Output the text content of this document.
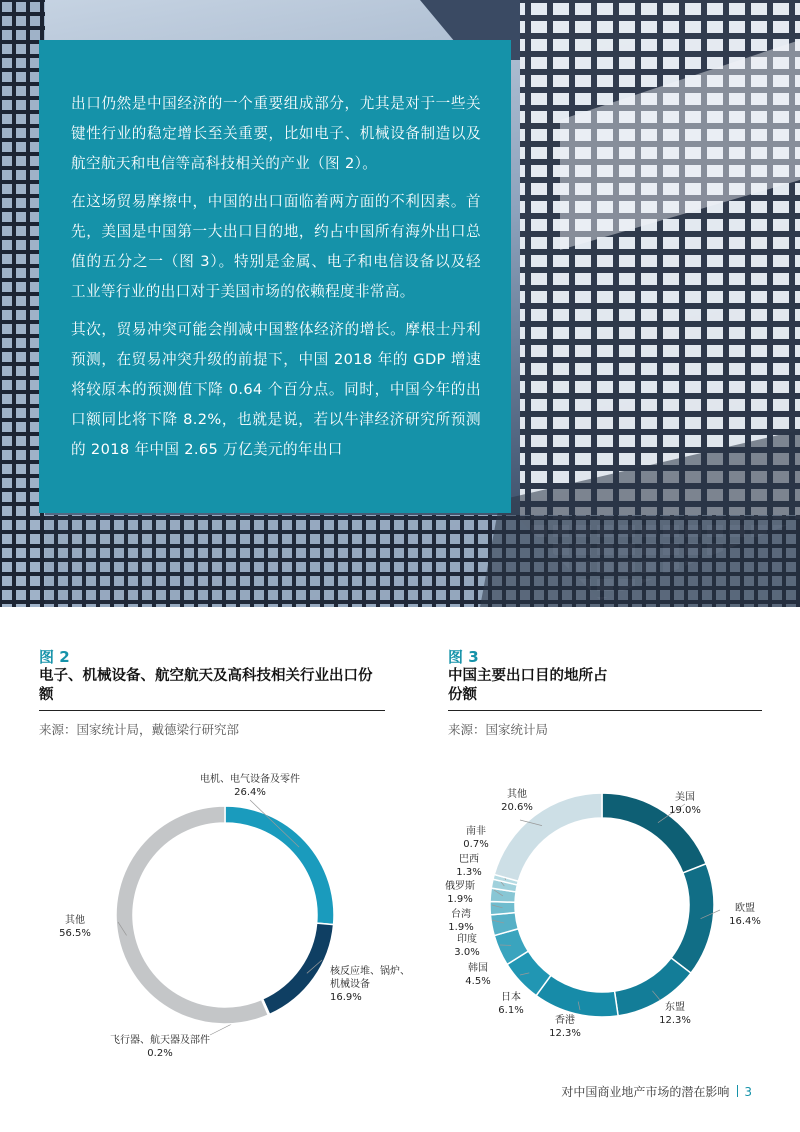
出口仍然是中国经济的一个重要组成部分，尤其是对于一些关键性行业的稳定增长至关重要，比如电子、机械设备制造以及航空航天和电信等高科技相关的产业（图 2）。

在这场贸易摩擦中，中国的出口面临着两方面的不利因素。首先，美国是中国第一大出口目的地，约占中国所有海外出口总值的五分之一（图 3）。特别是金属、电子和电信设备以及轻工业等行业的出口对于美国市场的依赖程度非常高。

其次，贸易冲突可能会削减中国整体经济的增长。摩根士丹利预测，在贸易冲突升级的前提下，中国 2018 年的 GDP 增速将较原本的预测值下降 0.64 个百分点。同时，中国今年的出口额同比将下降 8.2%，也就是说，若以牛津经济研究所预测的 2018 年中国 2.65 万亿美元的年出口

图 2
电子、机械设备、航空航天及高科技相关行业出口份额
来源：国家统计局，戴德梁行研究部
图 3
中国主要出口目的地所占份额
来源：国家统计局
电机、电气设备及零件
26.4%
核反应堆、锅炉、
机械设备
16.9%
飞行器、航天器及部件
0.2%
其他
56.5%
美国
19.0%
欧盟
16.4%
东盟
12.3%
香港
12.3%
日本
6.1%
韩国
4.5%
印度
3.0%
台湾
1.9%
俄罗斯
1.9%
巴西
1.3%
南非
0.7%
其他
20.6%
对中国商业地产市场的潜在影响 3
